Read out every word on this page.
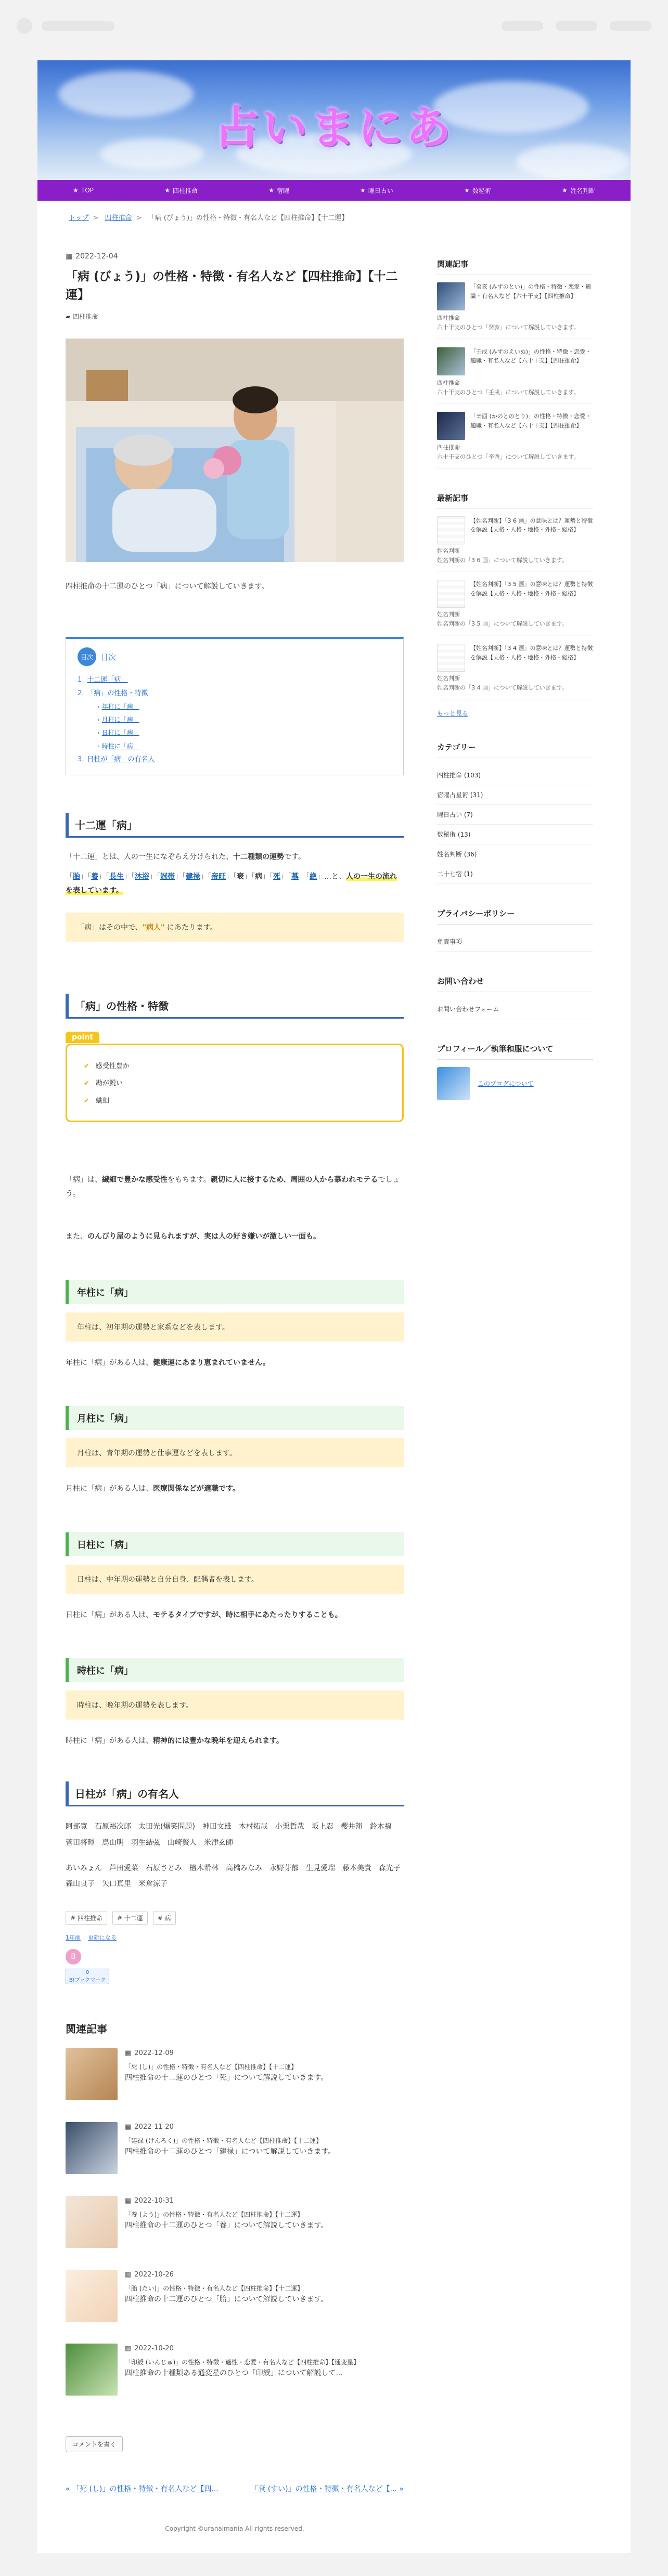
占いまにあ
★ TOP	★ 四柱推命	★ 宿曜	★ 曜日占い	★ 数秘術	★ 姓名判断
トップ > 四柱推命 > 「病 (びょう)」の性格・特徴・有名人など【四柱推命】【十二運】
▦ 2022-12-04
「病 (びょう)」の性格・特徴・有名人など【四柱推命】【十二運】
▰ 四柱推命

四柱推命の十二運のひとつ「病」について解説していきます。

目次 目次
1. 十二運「病」
2. 「病」の性格・特徴
› 年柱に「病」
› 月柱に「病」
› 日柱に「病」
› 時柱に「病」
3. 日柱が「病」の有名人
十二運「病」

「十二運」とは、人の一生になぞらえ分けられた、十二種類の運勢です。

「胎」「養」「長生」「沐浴」「冠帯」「建禄」「帝旺」「衰」「病」「死」「墓」「絶」…と、人の一生の流れを表しています。

「病」はその中で、"病人" にあたります。
「病」の性格・特徴
point
✔ 感受性豊か
✔ 勘が鋭い
✔ 繊細

「病」は、繊細で豊かな感受性をもちます。親切に人に接するため、周囲の人から慕われモテるでしょう。

また、のんびり屋のように見られますが、実は人の好き嫌いが激しい一面も。

年柱に「病」
年柱は、初年期の運勢と家系などを表します。

年柱に「病」がある人は、健康運にあまり恵まれていません。

月柱に「病」
月柱は、青年期の運勢と仕事運などを表します。

月柱に「病」がある人は、医療関係などが適職です。

日柱に「病」
日柱は、中年期の運勢と自分自身、配偶者を表します。

日柱に「病」がある人は、モテるタイプですが、時に相手にあたったりすることも。

時柱に「病」
時柱は、晩年期の運勢を表します。

時柱に「病」がある人は、精神的には豊かな晩年を迎えられます。

日柱が「病」の有名人

阿部寛　石原裕次郎　太田光(爆笑問題)　神田文雄　木村拓哉　小栗哲哉　坂上忍　櫻井翔　鈴木福　菅田将暉　鳥山明　羽生結弦　山崎賢人　米津玄師

あいみょん　芦田愛菜　石原さとみ　檀木希林　高橋みなみ　永野芽郁　生見愛瑠　藤本美貴　森光子　森山良子　矢口真里　米倉涼子

# 四柱推命	# 十二運	# 病
1年前 更新になる
B
0
B!ブックマーク
関連記事
▦ 2022-12-09
「死 (し)」の性格・特徴・有名人など【四柱推命】【十二運】
四柱推命の十二運のひとつ「死」について解説していきます。
▦ 2022-11-20
「建禄 (けんろく)」の性格・特徴・有名人など【四柱推命】【十二運】
四柱推命の十二運のひとつ「建禄」について解説していきます。
▦ 2022-10-31
「養 (よう)」の性格・特徴・有名人など【四柱推命】【十二運】
四柱推命の十二運のひとつ「養」について解説していきます。
▦ 2022-10-26
「胎 (たい)」の性格・特徴・有名人など【四柱推命】【十二運】
四柱推命の十二運のひとつ「胎」について解説していきます。
▦ 2022-10-20
「印綬 (いんじゅ)」の性格・特徴・適性・恋愛・有名人など【四柱推命】【通変星】
四柱推命の十種類ある通変星のひとつ「印綬」について解説して...
コメントを書く
« 「死 (し)」の性格・特徴・有名人など【四...	「衰 (すい)」の性格・特徴・有名人など【... »
Copyright ©uranaimania All rights reserved.
関連記事
「癸亥 (みずのとい)」の性格・特徴・恋愛・適職・有名人など【六十干支】【四柱推命】
四柱推命
六十干支のひとつ「癸亥」について解説していきます。
「壬戌 (みずのえいぬ)」の性格・特徴・恋愛・適職・有名人など【六十干支】【四柱推命】
四柱推命
六十干支のひとつ「壬戌」について解説していきます。
「辛酉 (かのとのとり)」の性格・特徴・恋愛・適職・有名人など【六十干支】【四柱推命】
四柱推命
六十干支のひとつ「辛酉」について解説していきます。
最新記事
【姓名判断】「3 6 画」の意味とは？運勢と特徴を解説【天格・人格・地格・外格・総格】
姓名判断
姓名判断の「3 6 画」について解説していきます。
【姓名判断】「3 5 画」の意味とは？運勢と特徴を解説【天格・人格・地格・外格・総格】
姓名判断
姓名判断の「3 5 画」について解説していきます。
【姓名判断】「3 4 画」の意味とは？運勢と特徴を解説【天格・人格・地格・外格・総格】
姓名判断
姓名判断の「3 4 画」について解説していきます。
もっと見る
カテゴリー
四柱推命 (103)
宿曜占星術 (31)
曜日占い (7)
数秘術 (13)
姓名判断 (36)
二十七宿 (1)
プライバシーポリシー
免責事項
お問い合わせ
お問い合わせフォーム
プロフィール／執筆和服について
このブログについて
